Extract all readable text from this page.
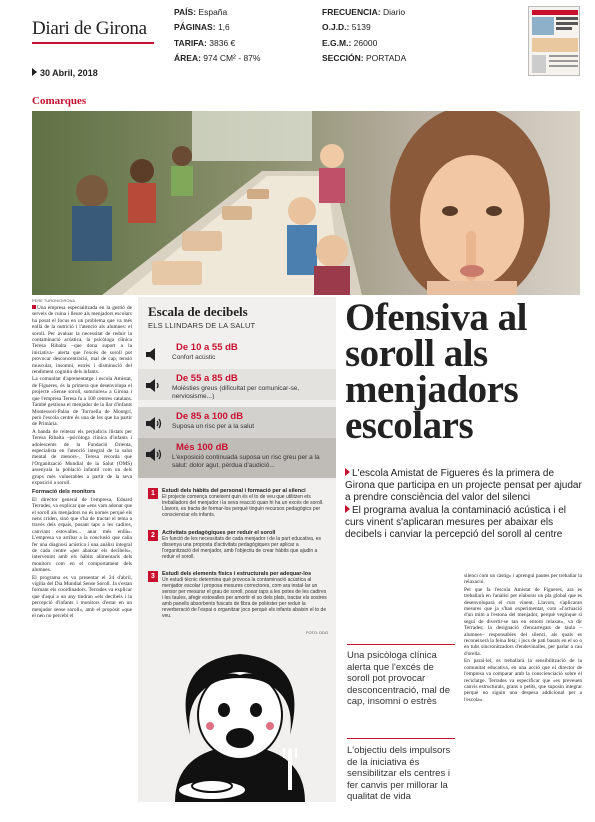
Diari de Girona
PAÍS: España
PÁGINAS: 1,6
TARIFA: 3836 €
ÁREA: 974 CM² - 87%
FRECUENCIA: Diario
O.J.D.: 5139
E.G.M.: 26000
SECCIÓN: PORTADA
30 Abril, 2018
Comarques
PERE TURON/GIRONA

Una empresa especialitzada en la gestió de serveis de cuina i lleure als menjadors escolars ha posat el focus en un problema que va més enllà de la nutrició i l'atenció als alumnes: el soroll. Per avaluar la necessitat de reduir la contaminació acústica, la psicòloga clínica Teresa Ribalta –que dona suport a la iniciativa– alerta que l'excés de soroll pot provocar desconcentració, mal de cap, tensió muscular, insomni, estrès i disminució del rendiment cognitiu dels infants.

La comunitat d'aprenentatge i escola Amistat, de Figueres, és la primera que desenvolupa el projecte «Sense soroll, somriures» a Girona i que l'empresa Teresa fa a 100 centres catalans. També gestiona el menjador de la llar d'infants Montessori-Palau de Torroella de Montgrí, però l'escola centre és una de les que ha partir de Primària.

A banda de reiterar els perjudicis llistats per Teresa Ribalta –psicòloga clínica d'infants i adolescents de la Fundació Orienta, especialista en l'atenció integral de la salut mental de menors–, Teresa recorda que l'Organització Mundial de la Salut (OMS) assenyala la població infantil com un dels grups més vulnerables a partir de la seva exposició a soroll.

Formació dels monitors

El director general de l'empresa, Eduard Terrades, va explicar que «ens vam adonar que el soroll als menjadors no és només perquè els nens criden, sinó que s'ha de tractar el tema a través dels espais, posant taps a les cadires, canviant estovalles... anar més enllà». L'empresa va arribar a la conclusió que calia fer una diagnosi acústica i una anàlisi integral de cada centre «per abaixar els decibels», intervenint amb els hàbits alimentaris dels monitors com en el comportament dels alumnes.

El programa es va presentar el 24 d'abril, vigília del Dia Mundial Sense Soroll. Ja s'estan formant els coordinadors. Terrades va explicar que d'aquí a un any tindran «els decibels i la percepció d'infants i monitors d'estar en un menjador sense soroll», amb el propòsit «que el nen no percebi el

Escala de decibels
ELS LLINDARS DE LA SALUT
De 10 a 55 dB
Confort acústic
De 55 a 85 dB
Molèsties greus (dificultat per comunicar-se, nerviosisme...)
De 85 a 100 dB
Suposa un risc per a la salut
Més 100 dB
L'exposició continuada suposa un risc greu per a la salut: dolor agut, pèrdua d'audició...
1	Estudi dels hàbits del personal i formació per al silenci
El projecte comença coneixent quin és el to de veu que utilitzen els treballadors del menjador i la seva reacció quan hi ha un excés de soroll. Llavors, es tracta de formar-los perquè tinguin recursos pedagògics per conscienciar els infants.
2	Activitats pedagògiques per reduir el soroll
En funció de les necessitats de cada menjador i de la part educativa, es dissenya una proposta d'activitats pedagògiques per aplicar a l'organització del menjador, amb l'objectiu de crear hàbits que ajudin a reduir el soroll.
3	Estudi dels elements físics i estructurals per adequar-los
Un estudi tècnic determina què provoca la contaminació acústica al menjador escolar i proposa mesures correctores, com ara instal·lar un sensor per mesurar el grau de soroll, posar taps a les potes de les cadires i les taules, afegir estovalles per amortir el so dels plats, tractar els sostres amb panells absorbents fuscats de fibra de polièster per reduir la reverberació de l'espai o organitzar jocs perquè els infants abaixin el to de veu.
FOTO: DDG
Ofensiva al soroll als menjadors escolars

L'escola Amistat de Figueres és la primera de Girona que participa en un projecte pensat per ajudar a prendre consciència del valor del silenci

El programa avalua la contaminació acústica i el curs vinent s'aplicaran mesures per abaixar els decibels i canviar la percepció del soroll al centre

Una psicòloga clínica alerta que l'excés de soroll pot provocar desconcentració, mal de cap, insomni o estrès
L'objectiu dels impulsors de la iniciativa és sensibilitzar els centres i fer canvis per millorar la qualitat de vida

silenci com un càstig» i aprengui pautes per treballar la relaxació.

Pel que fa l'escola Amistat de Figueres, ara es treballarà en l'anàlisi per elaborar un pla global que es desenvoluparà el curs vinent. Llavors, s'aplicaran mesures que ja s'han experimentat, com «l'actuació d'un mim a l'estona del menjador, perquè veginque si segui de divertir-se tan en entorn relaxat», va dir Terrades; la designació d'encarregats de taula –alumnes– responsables del silenci, als quals es reconeixerà la feina feta; i jocs de pati basats en el so o en tubs sincronitzadors d'endevinalles, per parlar a cau d'orella.

En paral·lel, es treballarà la sensibilització de la comunitat educativa, en una acció que el director de l'empresa va comparar amb la conscienciació sobre el reciclatge. Terrades va especificar que «es preveuen canvis estructurals, grans o petits, que suposin integrar perquè no siguin una despesa addicional per a l'escola».
